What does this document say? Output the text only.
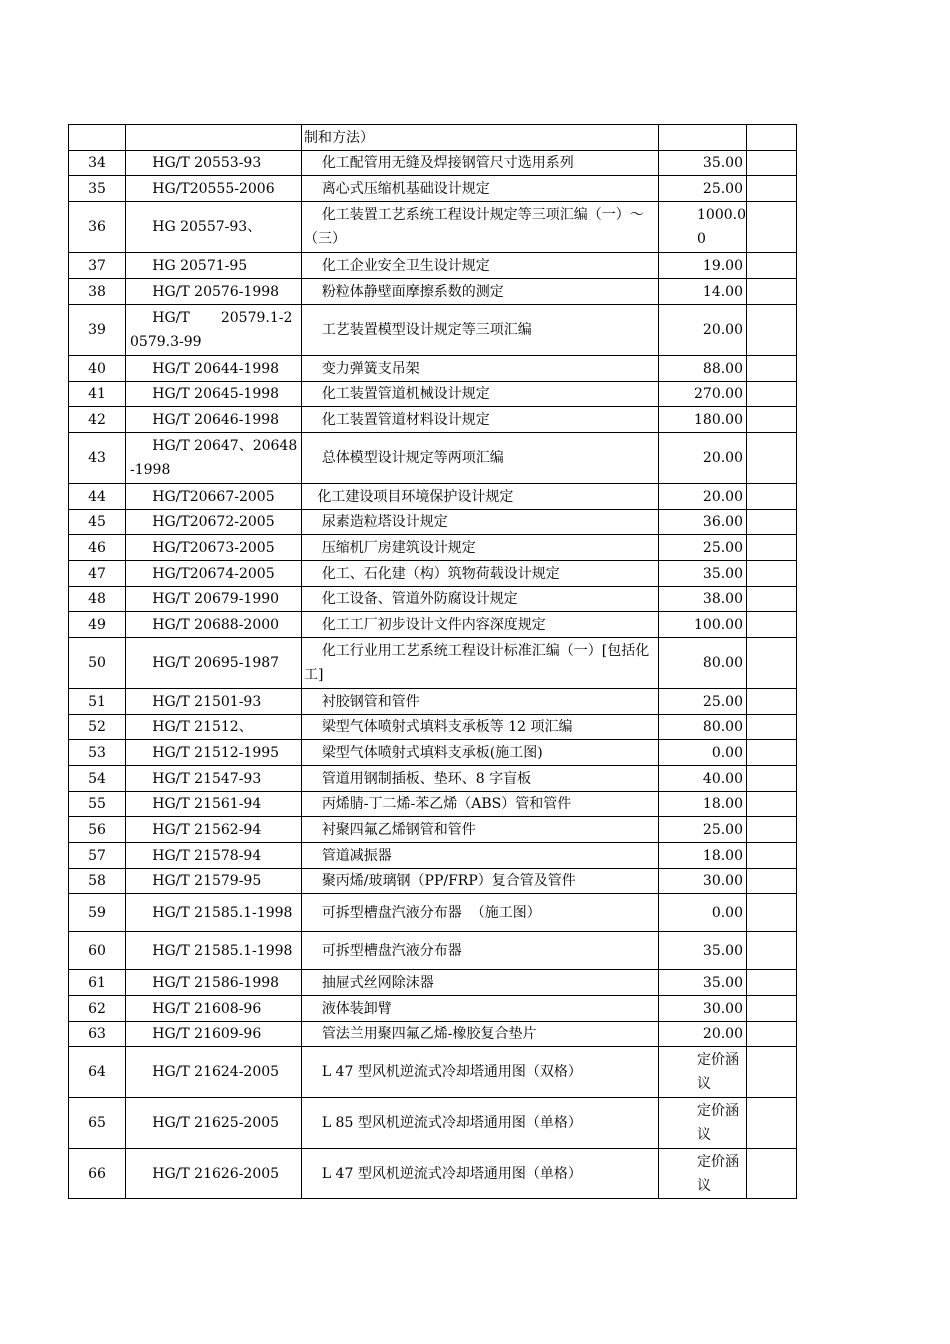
		制和方法）		
34	HG/T 20553-93	化工配管用无缝及焊接钢管尺寸选用系列	35.00	
35	HG/T20555-2006	离心式压缩机基础设计规定	25.00	
36	HG 20557-93、	化工装置工艺系统工程设计规定等三项汇编（一）～（三）	1000.00	
37	HG 20571-95	化工企业安全卫生设计规定	19.00	
38	HG/T 20576-1998	粉粒体静壁面摩擦系数的测定	14.00	
39	HG/T       20579.1-20579.3-99	工艺装置模型设计规定等三项汇编	20.00	
40	HG/T 20644-1998	变力弹簧支吊架	88.00	
41	HG/T 20645-1998	化工装置管道机械设计规定	270.00	
42	HG/T 20646-1998	化工装置管道材料设计规定	180.00	
43	HG/T 20647、20648-1998	总体模型设计规定等两项汇编	20.00	
44	HG/T20667-2005	化工建设项目环境保护设计规定	20.00	
45	HG/T20672-2005	尿素造粒塔设计规定	36.00	
46	HG/T20673-2005	压缩机厂房建筑设计规定	25.00	
47	HG/T20674-2005	化工、石化建（构）筑物荷载设计规定	35.00	
48	HG/T 20679-1990	化工设备、管道外防腐设计规定	38.00	
49	HG/T 20688-2000	化工工厂初步设计文件内容深度规定	100.00	
50	HG/T 20695-1987	化工行业用工艺系统工程设计标准汇编（一）[包括化工]	80.00	
51	HG/T 21501-93	衬胶钢管和管件	25.00	
52	HG/T 21512、	梁型气体喷射式填料支承板等 12 项汇编	80.00	
53	HG/T 21512-1995	梁型气体喷射式填料支承板(施工图)	0.00	
54	HG/T 21547-93	管道用钢制插板、垫环、8 字盲板	40.00	
55	HG/T 21561-94	丙烯腈-丁二烯-苯乙烯（ABS）管和管件	18.00	
56	HG/T 21562-94	衬聚四氟乙烯钢管和管件	25.00	
57	HG/T 21578-94	管道减振器	18.00	
58	HG/T 21579-95	聚丙烯/玻璃钢（PP/FRP）复合管及管件	30.00	
59	HG/T 21585.1-1998	可拆型槽盘汽液分布器  （施工图）	0.00	
60	HG/T 21585.1-1998	可拆型槽盘汽液分布器	35.00	
61	HG/T 21586-1998	抽屉式丝网除沫器	35.00	
62	HG/T 21608-96	液体装卸臂	30.00	
63	HG/T 21609-96	管法兰用聚四氟乙烯-橡胶复合垫片	20.00	
64	HG/T 21624-2005	L 47 型风机逆流式冷却塔通用图（双格）	定价涵议	
65	HG/T 21625-2005	L 85 型风机逆流式冷却塔通用图（单格）	定价涵议	
66	HG/T 21626-2005	L 47 型风机逆流式冷却塔通用图（单格）	定价涵议	
